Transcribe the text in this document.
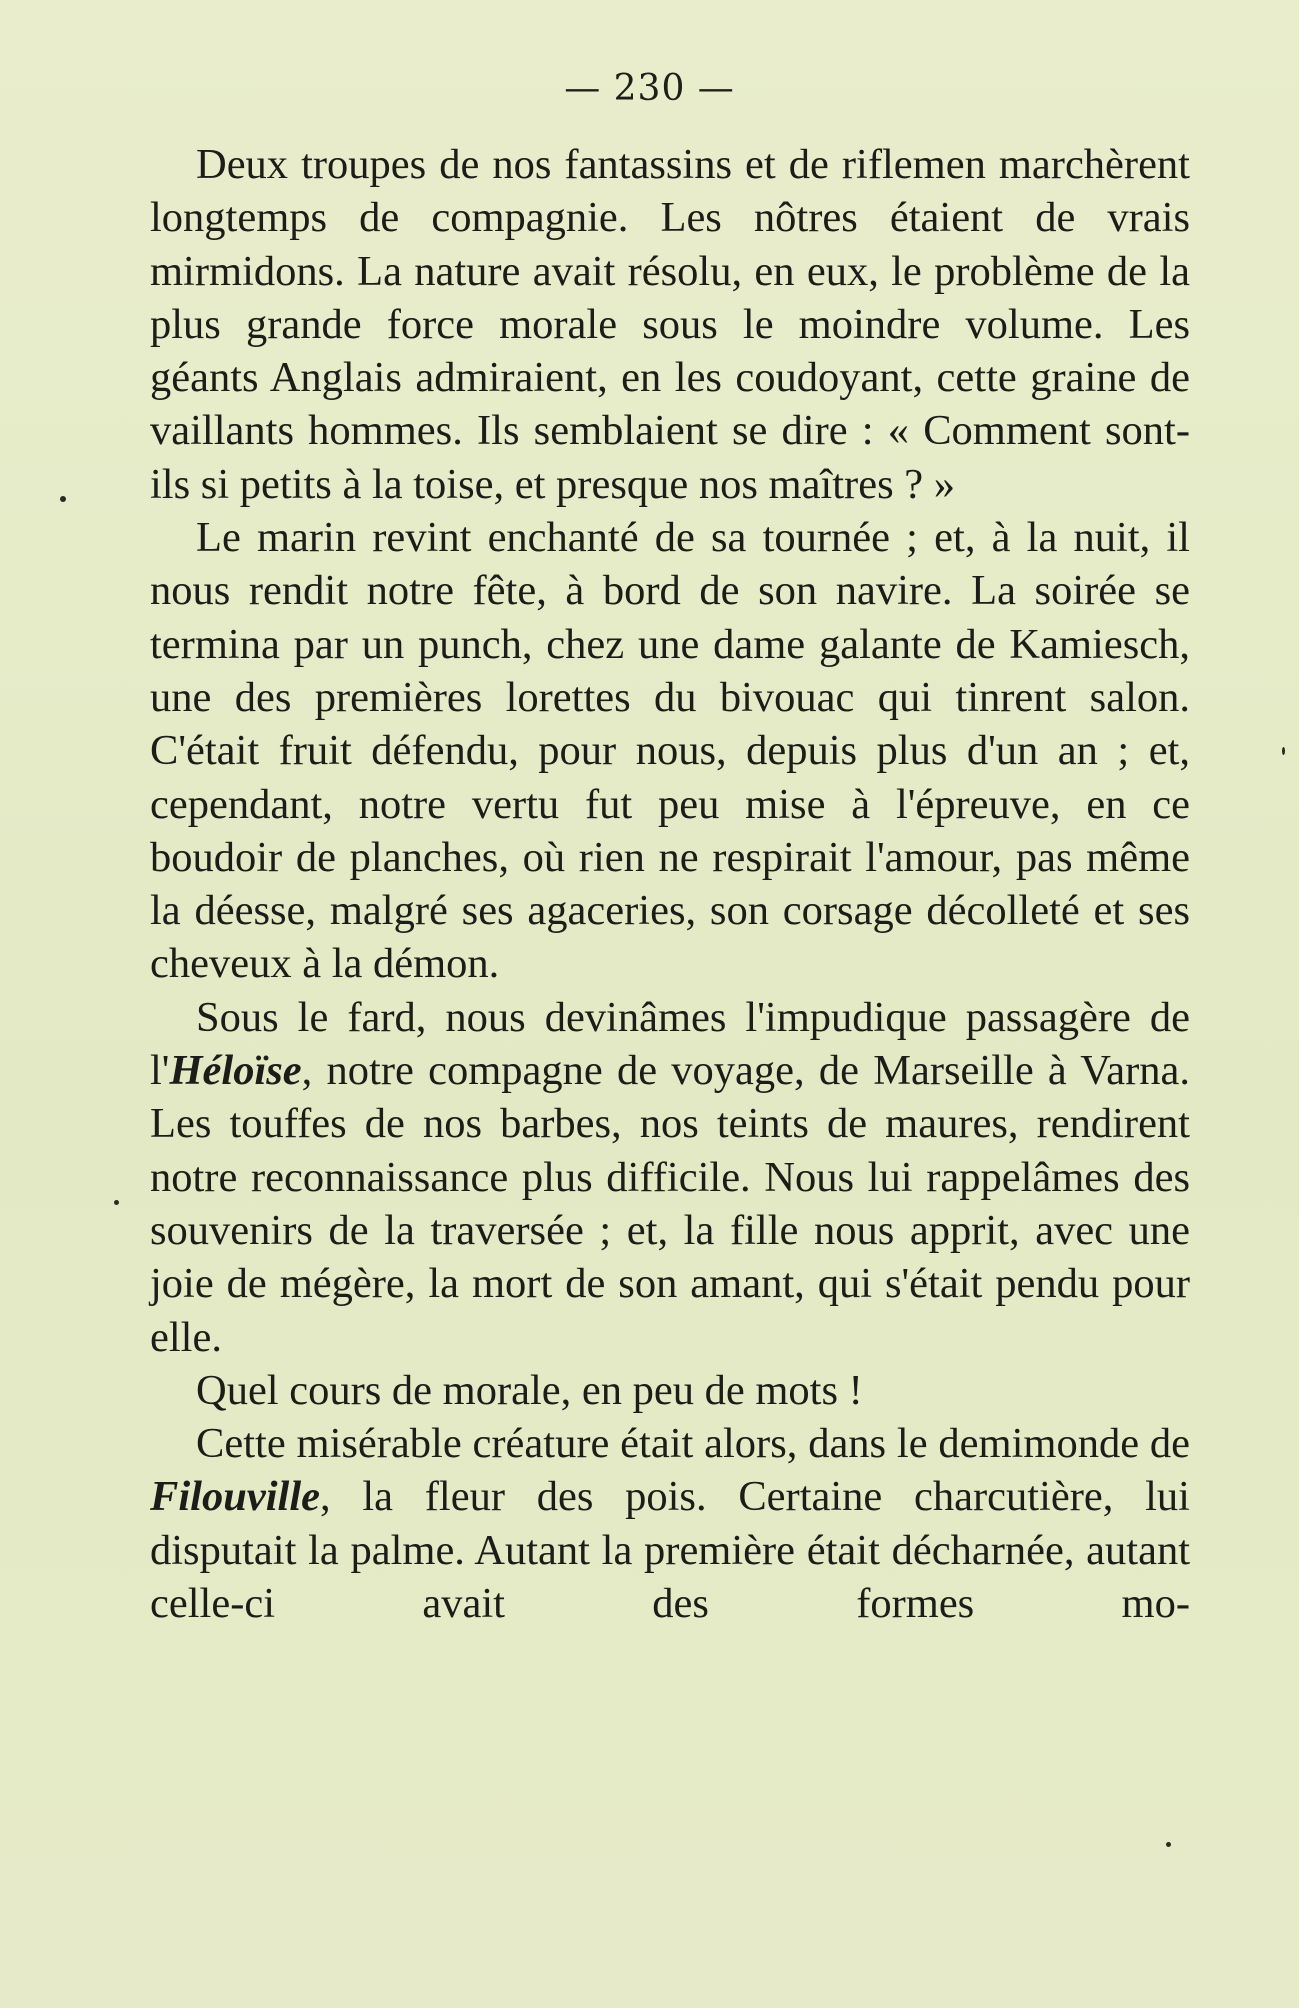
— 230 —

Deux troupes de nos fantassins et de riflemen marchèrent longtemps de compagnie. Les nôtres étaient de vrais mirmidons. La nature avait résolu, en eux, le problème de la plus grande force morale sous le moindre volume. Les géants Anglais admiraient, en les coudoyant, cette graine de vaillants hommes. Ils semblaient se dire : « Comment sont-ils si petits à la toise, et presque nos maîtres ? »

Le marin revint enchanté de sa tournée ; et, à la nuit, il nous rendit notre fête, à bord de son navire. La soirée se termina par un punch, chez une dame galante de Kamiesch, une des premières lorettes du bivouac qui tinrent salon. C'était fruit défendu, pour nous, depuis plus d'un an ; et, cependant, notre vertu fut peu mise à l'épreuve, en ce boudoir de planches, où rien ne respirait l'amour, pas même la déesse, malgré ses agaceries, son corsage décolleté et ses cheveux à la démon.

Sous le fard, nous devinâmes l'impudique passagère de l'Héloïse, notre compagne de voyage, de Marseille à Varna. Les touffes de nos barbes, nos teints de maures, rendirent notre reconnaissance plus difficile. Nous lui rappelâmes des souvenirs de la traversée ; et, la fille nous apprit, avec une joie de mégère, la mort de son amant, qui s'était pendu pour elle.

Quel cours de morale, en peu de mots !

Cette misérable créature était alors, dans le demimonde de Filouville, la fleur des pois. Certaine charcutière, lui disputait la palme. Autant la première était décharnée, autant celle-ci avait des formes mo-
